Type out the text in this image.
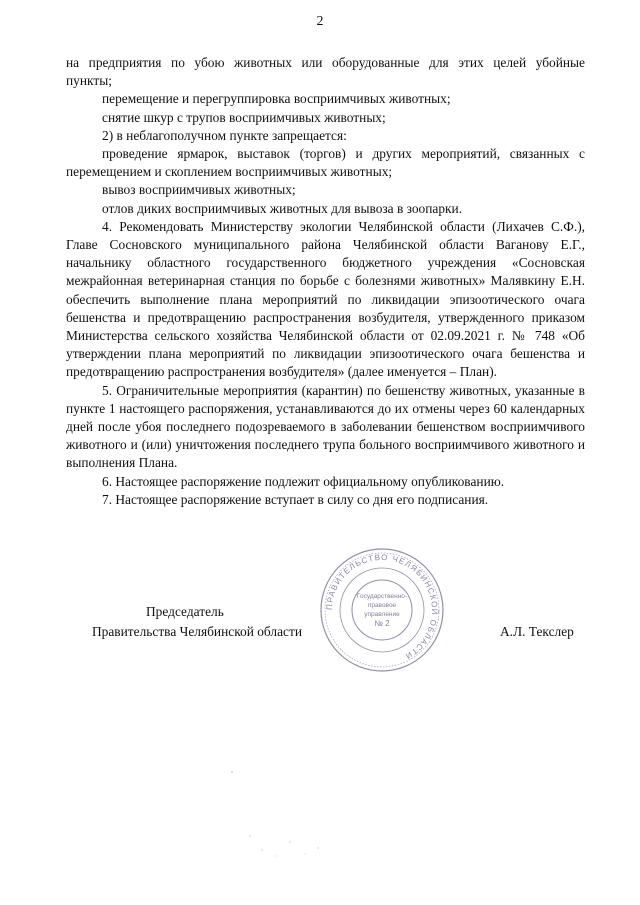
2

на предприятия по убою животных или оборудованные для этих целей убойные

пункты;

перемещение и перегруппировка восприимчивых животных;

снятие шкур с трупов восприимчивых животных;

2) в неблагополучном пункте запрещается:

проведение ярмарок, выставок (торгов) и других мероприятий, связанных с перемещением и скоплением восприимчивых животных;

вывоз восприимчивых животных;

отлов диких восприимчивых животных для вывоза в зоопарки.

4. Рекомендовать Министерству экологии Челябинской области (Лихачев С.Ф.), Главе Сосновского муниципального района Челябинской области Ваганову Е.Г., начальнику областного государственного бюджетного учреждения «Сосновская межрайонная ветеринарная станция по борьбе с болезнями животных» Малявкину Е.Н. обеспечить выполнение плана мероприятий по ликвидации эпизоотического очага бешенства и предотвращению распространения возбудителя, утвержденного приказом Министерства сельского хозяйства Челябинской области от 02.09.2021 г. № 748 «Об утверждении плана мероприятий по ликвидации эпизоотического очага бешенства и предотвращению распространения возбудителя» (далее именуется – План).

5. Ограничительные мероприятия (карантин) по бешенству животных, указанные в пункте 1 настоящего распоряжения, устанавливаются до их отмены через 60 календарных дней после убоя последнего подозреваемого в заболевании бешенством восприимчивого животного и (или) уничтожения последнего трупа больного восприимчивого животного и выполнения Плана.

6. Настоящее распоряжение подлежит официальному опубликованию.

7. Настоящее распоряжение вступает в силу со дня его подписания.

ПРАВИТЕЛЬСТВО ЧЕЛЯБИНСКОЙ ОБЛАСТИ
Государственно-
правовое
управление
№ 2
Председатель
Правительства Челябинской области	А.Л. Текслер
